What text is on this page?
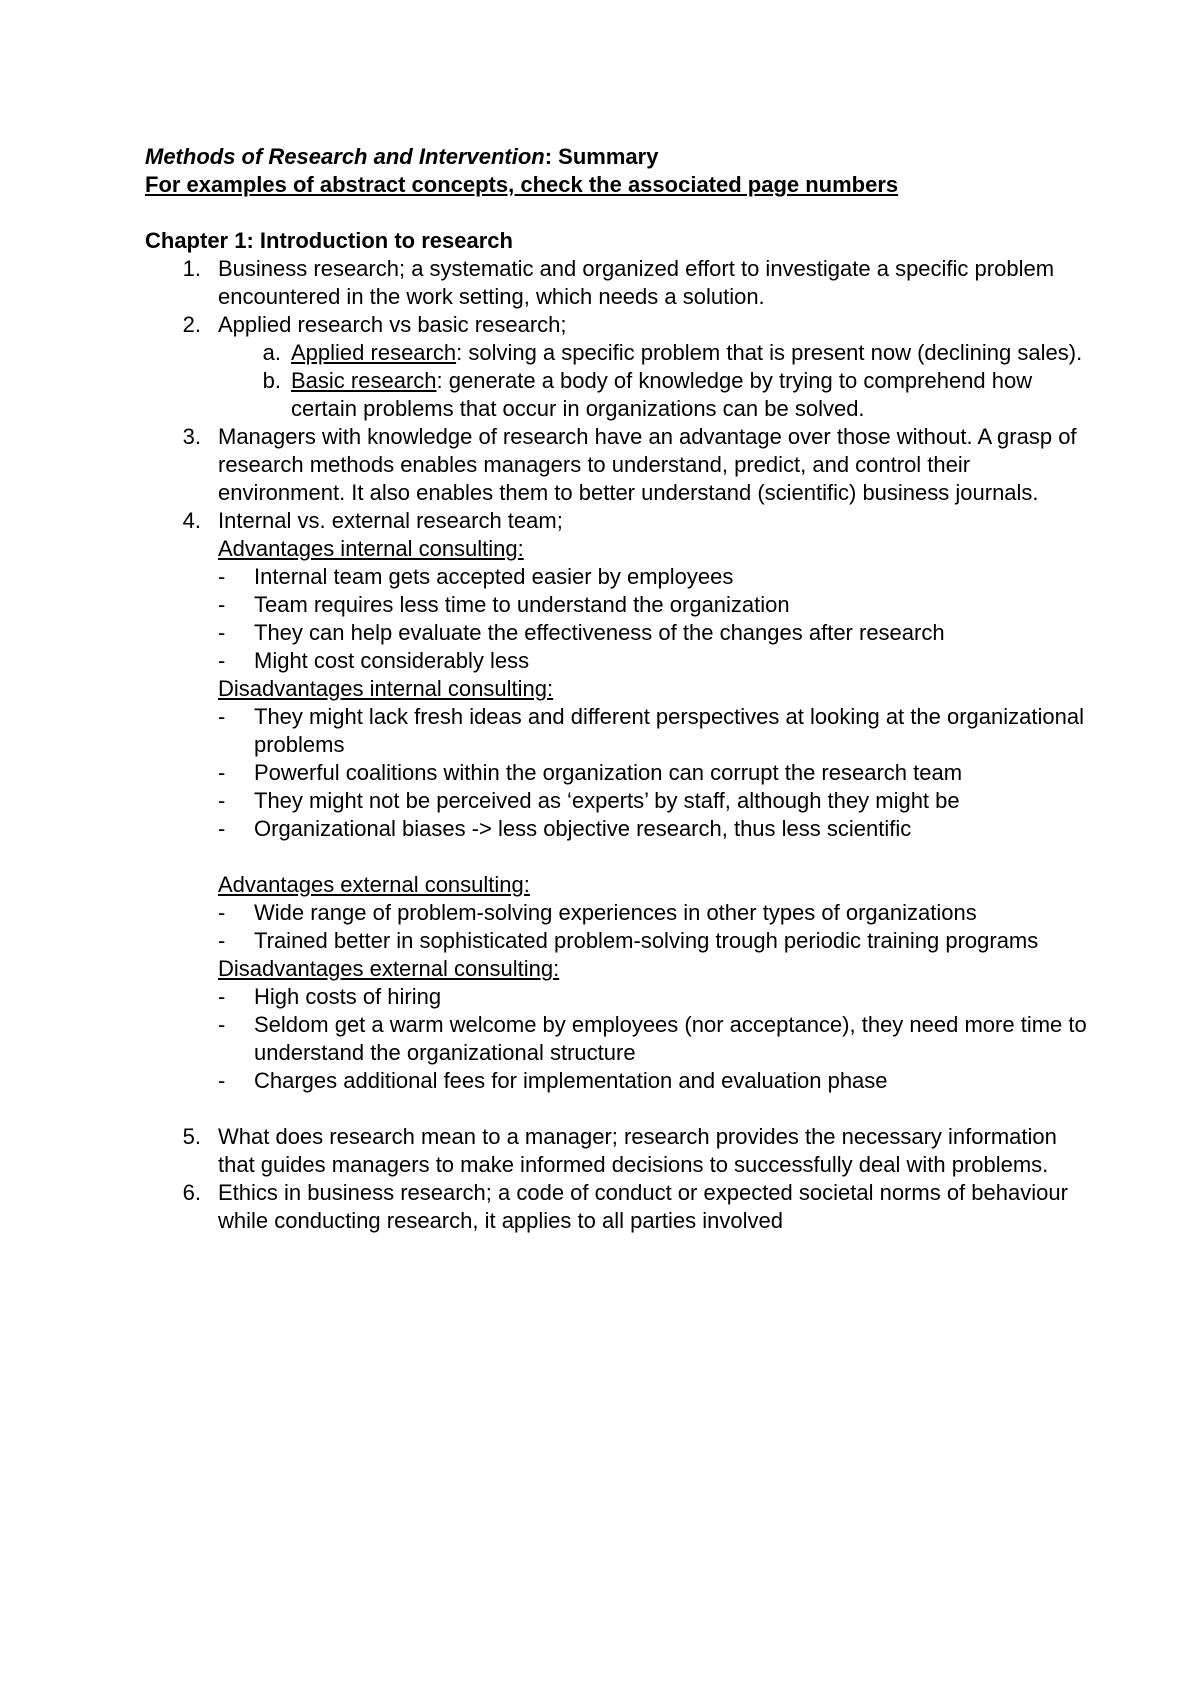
Methods of Research and Intervention: Summary
For examples of abstract concepts, check the associated page numbers
Chapter 1: Introduction to research
1. Business research; a systematic and organized effort to investigate a specific problem encountered in the work setting, which needs a solution.
2. Applied research vs basic research;
a. Applied research: solving a specific problem that is present now (declining sales).
b. Basic research: generate a body of knowledge by trying to comprehend how certain problems that occur in organizations can be solved.
3. Managers with knowledge of research have an advantage over those without. A grasp of research methods enables managers to understand, predict, and control their environment. It also enables them to better understand (scientific) business journals.
4. Internal vs. external research team;
Advantages internal consulting:
- Internal team gets accepted easier by employees
- Team requires less time to understand the organization
- They can help evaluate the effectiveness of the changes after research
- Might cost considerably less
Disadvantages internal consulting:
- They might lack fresh ideas and different perspectives at looking at the organizational problems
- Powerful coalitions within the organization can corrupt the research team
- They might not be perceived as ‘experts’ by staff, although they might be
- Organizational biases -> less objective research, thus less scientific
Advantages external consulting:
- Wide range of problem-solving experiences in other types of organizations
- Trained better in sophisticated problem-solving trough periodic training programs
Disadvantages external consulting:
- High costs of hiring
- Seldom get a warm welcome by employees (nor acceptance), they need more time to understand the organizational structure
- Charges additional fees for implementation and evaluation phase
5. What does research mean to a manager; research provides the necessary information that guides managers to make informed decisions to successfully deal with problems.
6. Ethics in business research; a code of conduct or expected societal norms of behaviour while conducting research, it applies to all parties involved
